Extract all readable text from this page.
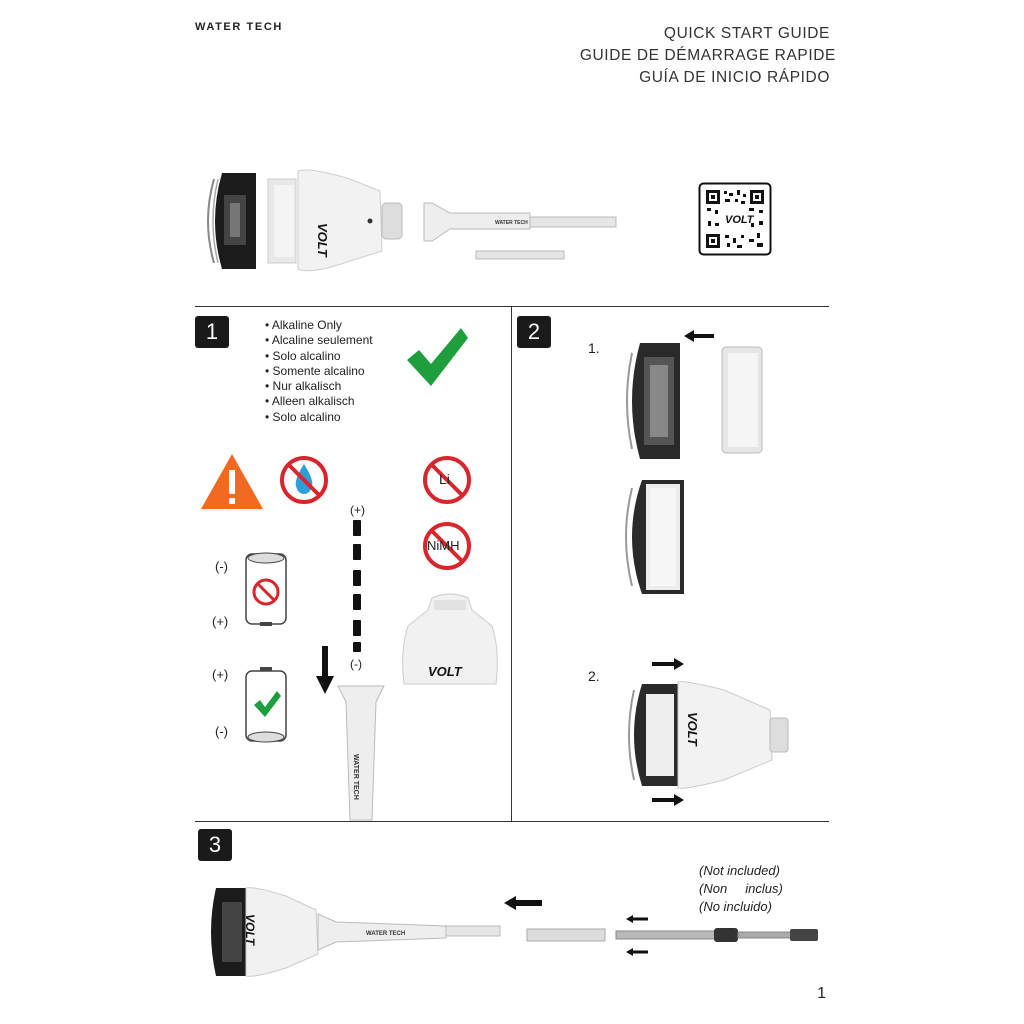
WATER TECH	QUICK START GUIDE
GUIDE DE DÉMARRAGE RAPIDE
GUÍA DE INICIO RÁPIDO
VOLT	WATER TECH	VOLT
1
•	Alkaline Only
• Alcaline seulement
• Solo alcalino
• Somente alcalino
• Nur alkalisch
• Alleen alkalisch
• Solo alcalino
Li
NiMH
(+)
(-)
(-)
(+)
(+)
(-)
WATER TECH
VOLT
2
1.
2.
VOLT
3
(Not included)
(Non     inclus)
(No incluido)
WATER TECH
VOLT
1
